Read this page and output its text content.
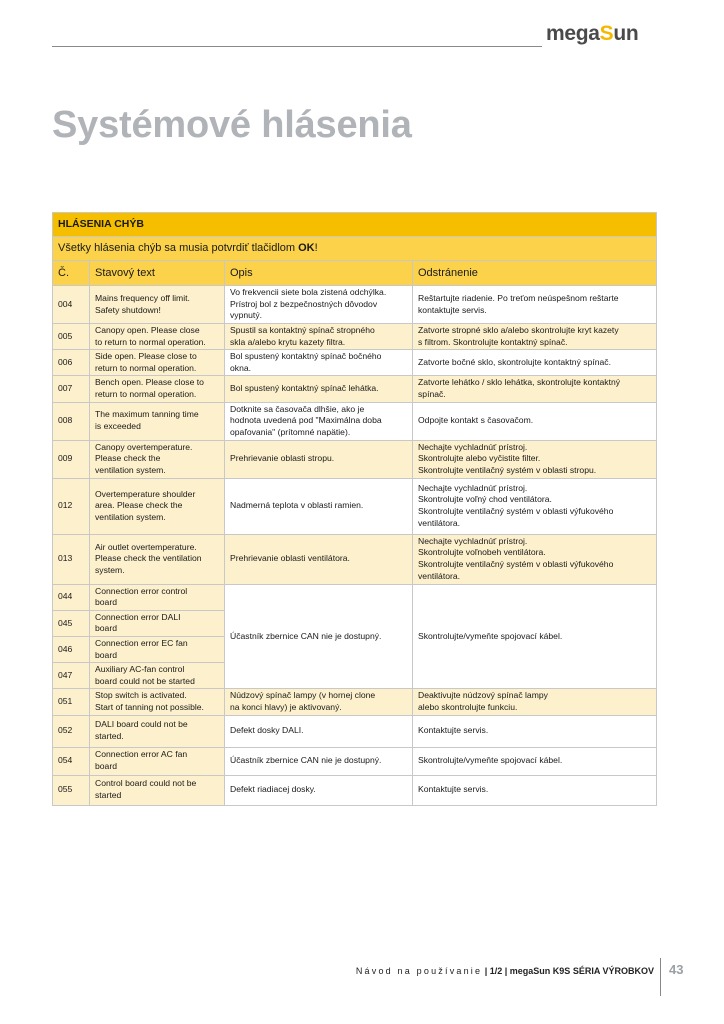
megaSun
Systémové hlásenia
HLÁSENIA CHÝB			
Všetky hlásenia chýb sa musia potvrdiť tlačidlom OK!			
Č.	Stavový text	Opis	Odstránenie
004	Mains frequency off limit.
Safety shutdown!	Vo frekvencii siete bola zistená odchýlka.
Prístroj bol z bezpečnostných dôvodov
vypnutý.	Reštartujte riadenie. Po treťom neúspešnom reštarte
kontaktujte servis.
005	Canopy open. Please close
to return to normal operation.	Spustil sa kontaktný spínač stropného
skla a/alebo krytu kazety filtra.	Zatvorte stropné sklo a/alebo skontrolujte kryt kazety
s filtrom. Skontrolujte kontaktný spínač.
006	Side open. Please close to
return to normal operation.	Bol spustený kontaktný spínač bočného
okna.	Zatvorte bočné sklo, skontrolujte kontaktný spínač.
007	Bench open. Please close to
return to normal operation.	Bol spustený kontaktný spínač lehátka.	Zatvorte lehátko / sklo lehátka, skontrolujte kontaktný
spínač.
008	The maximum tanning time
is exceeded	Dotknite sa časovača dlhšie, ako je
hodnota uvedená pod "Maximálna doba
opaľovania" (prítomné napätie).	Odpojte kontakt s časovačom.
009	Canopy overtemperature.
Please check the
ventilation system.	Prehrievanie oblasti stropu.	Nechajte vychladnúť prístroj.
Skontrolujte alebo vyčistite filter.
Skontrolujte ventilačný systém v oblasti stropu.
012	Overtemperature shoulder
area. Please check the
ventilation system.	Nadmerná teplota v oblasti ramien.	Nechajte vychladnúť prístroj.
Skontrolujte voľný chod ventilátora.
Skontrolujte ventilačný systém v oblasti výfukového
ventilátora.
013	Air outlet overtemperature.
Please check the ventilation
system.	Prehrievanie oblasti ventilátora.	Nechajte vychladnúť prístroj.
Skontrolujte voľnobeh ventilátora.
Skontrolujte ventilačný systém v oblasti výfukového
ventilátora.
044	Connection error control
board	Účastník zbernice CAN nie je dostupný.	Skontrolujte/vymeňte spojovací kábel.
045	Connection error DALI
board		
046	Connection error EC fan
board		
047	Auxiliary AC-fan control
board could not be started		
051	Stop switch is activated.
Start of tanning not possible.	Núdzový spínač lampy (v hornej clone
na konci hlavy) je aktivovaný.	Deaktivujte núdzový spínač lampy
alebo skontrolujte funkciu.
052	DALI board could not be
started.	Defekt dosky DALI.	Kontaktujte servis.
054	Connection error AC fan
board	Účastník zbernice CAN nie je dostupný.	Skontrolujte/vymeňte spojovací kábel.
055	Control board could not be
started	Defekt riadiacej dosky.	Kontaktujte servis.
Návod na používanie | 1/2 | megaSun K9S SÉRIA VÝROBKOV 43
